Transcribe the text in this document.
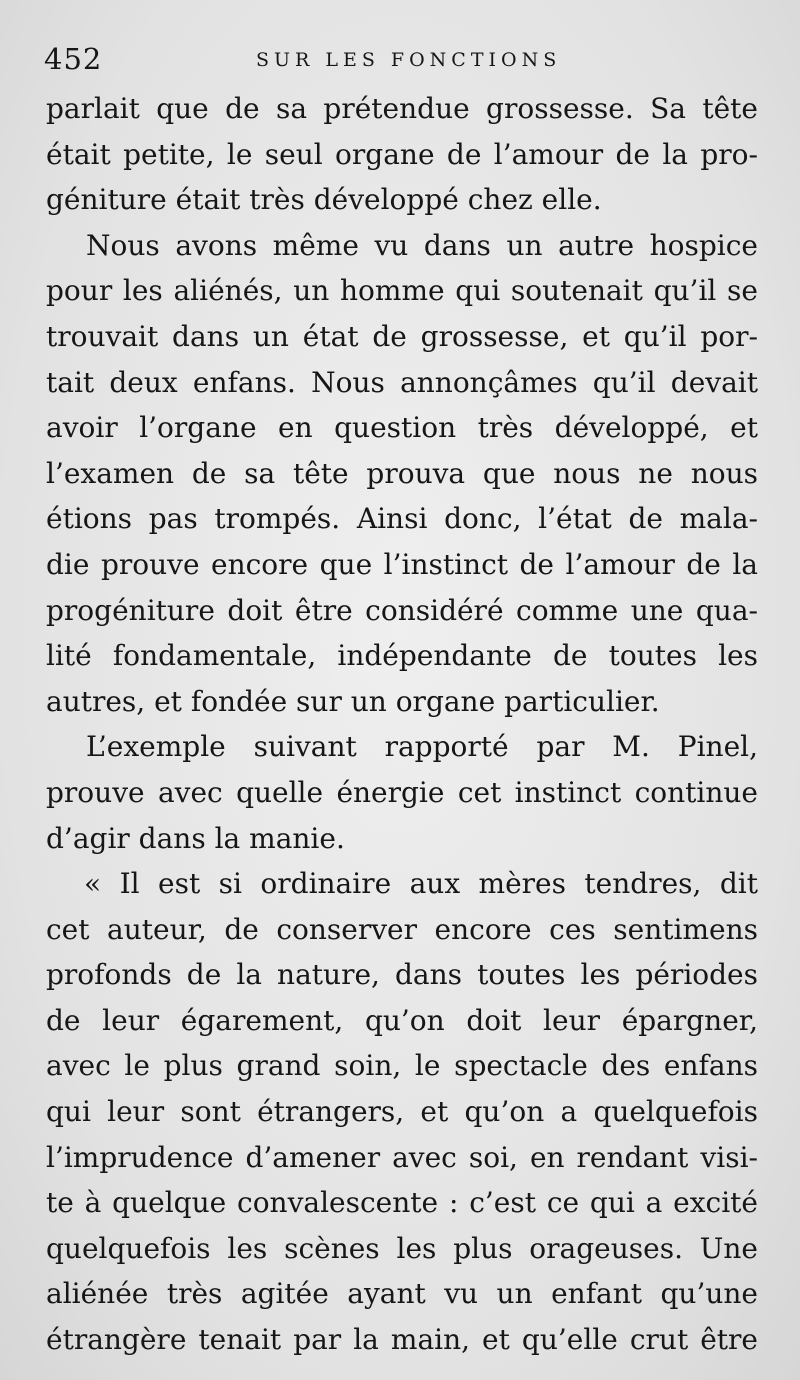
452	SUR LES FONCTIONS
parlait que de sa prétendue grossesse. Sa tête
était petite, le seul organe de l’amour de la pro-
géniture était très développé chez elle.
Nous avons même vu dans un autre hospice
pour les aliénés, un homme qui soutenait qu’il se
trouvait dans un état de grossesse, et qu’il por-
tait deux enfans. Nous annonçâmes qu’il devait
avoir l’organe en question très développé, et
l’examen de sa tête prouva que nous ne nous
étions pas trompés. Ainsi donc, l’état de mala-
die prouve encore que l’instinct de l’amour de la
progéniture doit être considéré comme une qua-
lité fondamentale, indépendante de toutes les
autres, et fondée sur un organe particulier.
L’exemple suivant rapporté par M. Pinel,
prouve avec quelle énergie cet instinct continue
d’agir dans la manie.
« Il est si ordinaire aux mères tendres, dit
cet auteur, de conserver encore ces sentimens
profonds de la nature, dans toutes les périodes
de leur égarement, qu’on doit leur épargner,
avec le plus grand soin, le spectacle des enfans
qui leur sont étrangers, et qu’on a quelquefois
l’imprudence d’amener avec soi, en rendant visi-
te à quelque convalescente : c’est ce qui a excité
quelquefois les scènes les plus orageuses. Une
aliénée très agitée ayant vu un enfant qu’une
étrangère tenait par la main, et qu’elle crut être
